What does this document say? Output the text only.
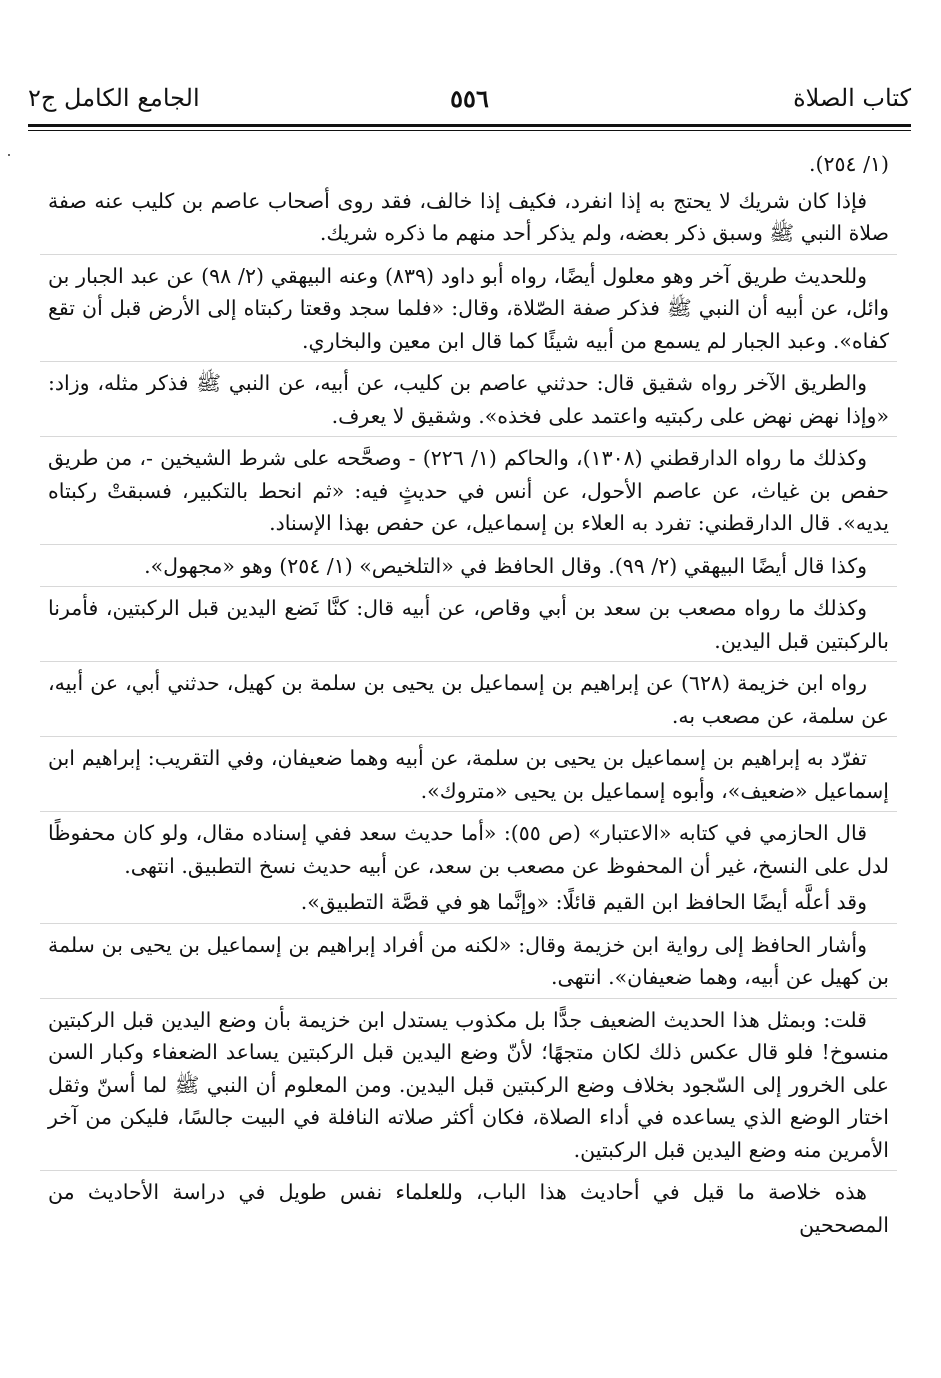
كتاب الصلاة
٥٥٦
الجامع الكامل ج٢

(١/ ٢٥٤).

فإذا كان شريك لا يحتج به إذا انفرد، فكيف إذا خالف، فقد روى أصحاب عاصم بن كليب عنه صفة صلاة النبي ﷺ وسبق ذكر بعضه، ولم يذكر أحد منهم ما ذكره شريك.

وللحديث طريق آخر وهو معلول أيضًا، رواه أبو داود (٨٣٩) وعنه البيهقي (٢/ ٩٨) عن عبد الجبار بن وائل، عن أبيه أن النبي ﷺ فذكر صفة الصّلاة، وقال: «فلما سجد وقعتا ركبتاه إلى الأرض قبل أن تقع كفاه». وعبد الجبار لم يسمع من أبيه شيئًا كما قال ابن معين والبخاري.

والطريق الآخر رواه شقيق قال: حدثني عاصم بن كليب، عن أبيه، عن النبي ﷺ فذكر مثله، وزاد: «وإذا نهض نهض على ركبتيه واعتمد على فخذه». وشقيق لا يعرف.

وكذلك ما رواه الدارقطني (١٣٠٨)، والحاكم (١/ ٢٢٦) - وصحَّحه على شرط الشيخين -، من طريق حفص بن غياث، عن عاصم الأحول، عن أنس في حديثٍ فيه: «ثم انحط بالتكبير، فسبقتْ ركبتاه يديه». قال الدارقطني: تفرد به العلاء بن إسماعيل، عن حفص بهذا الإسناد.

وكذا قال أيضًا البيهقي (٢/ ٩٩). وقال الحافظ في «التلخيص» (١/ ٢٥٤) وهو «مجهول».

وكذلك ما رواه مصعب بن سعد بن أبي وقاص، عن أبيه قال: كنَّا نَضع اليدين قبل الركبتين، فأمرنا بالركبتين قبل اليدين.

رواه ابن خزيمة (٦٢٨) عن إبراهيم بن إسماعيل بن يحيى بن سلمة بن كهيل، حدثني أبي، عن أبيه، عن سلمة، عن مصعب به.

تفرّد به إبراهيم بن إسماعيل بن يحيى بن سلمة، عن أبيه وهما ضعيفان، وفي التقريب: إبراهيم ابن إسماعيل «ضعيف»، وأبوه إسماعيل بن يحيى «متروك».

قال الحازمي في كتابه «الاعتبار» (ص ٥٥): «أما حديث سعد ففي إسناده مقال، ولو كان محفوظًا لدل على النسخ، غير أن المحفوظ عن مصعب بن سعد، عن أبيه حديث نسخ التطبيق. انتهى.

وقد أعلَّه أيضًا الحافظ ابن القيم قائلًا: «وإنَّما هو في قصَّة التطبيق».

وأشار الحافظ إلى رواية ابن خزيمة وقال: «لكنه من أفراد إبراهيم بن إسماعيل بن يحيى بن سلمة بن كهيل عن أبيه، وهما ضعيفان». انتهى.

قلت: وبمثل هذا الحديث الضعيف جدًّا بل مكذوب يستدل ابن خزيمة بأن وضع اليدين قبل الركبتين منسوخ! فلو قال عكس ذلك لكان متجهًا؛ لأنّ وضع اليدين قبل الركبتين يساعد الضعفاء وكبار السن على الخرور إلى السّجود بخلاف وضع الركبتين قبل اليدين. ومن المعلوم أن النبي ﷺ لما أسنّ وثقل اختار الوضع الذي يساعده في أداء الصلاة، فكان أكثر صلاته النافلة في البيت جالسًا، فليكن من آخر الأمرين منه وضع اليدين قبل الركبتين.

هذه خلاصة ما قيل في أحاديث هذا الباب، وللعلماء نفس طويل في دراسة الأحاديث من المصححين
